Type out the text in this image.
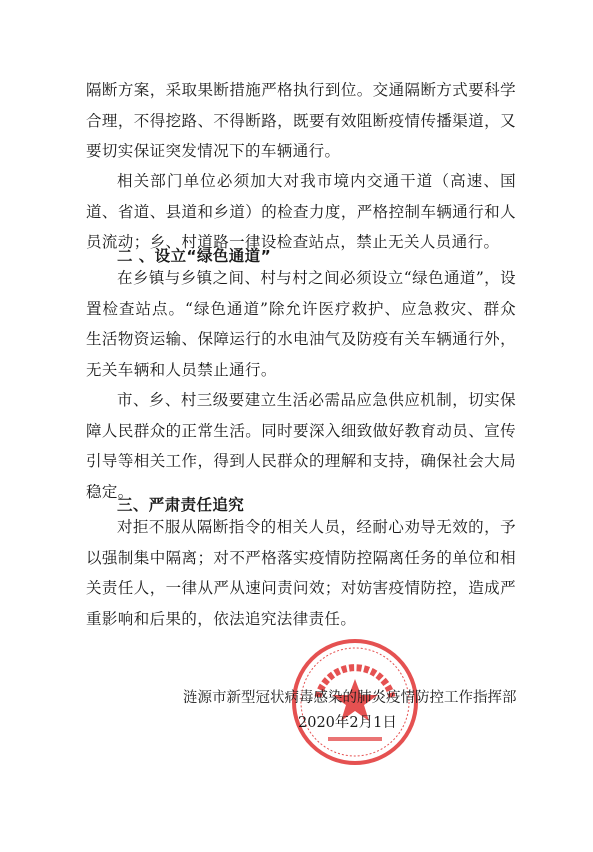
隔断方案，采取果断措施严格执行到位。交通隔断方式要科学合理，不得挖路、不得断路，既要有效阻断疫情传播渠道，又要切实保证突发情况下的车辆通行。

相关部门单位必须加大对我市境内交通干道（高速、国道、省道、县道和乡道）的检查力度，严格控制车辆通行和人员流动；乡、村道路一律设检查站点，禁止无关人员通行。

二 、设立“绿色通道”

在乡镇与乡镇之间、村与村之间必须设立“绿色通道”，设置检查站点。“绿色通道”除允许医疗救护、应急救灾、群众生活物资运输、保障运行的水电油气及防疫有关车辆通行外，无关车辆和人员禁止通行。

市、乡、村三级要建立生活必需品应急供应机制，切实保障人民群众的正常生活。同时要深入细致做好教育动员、宣传引导等相关工作，得到人民群众的理解和支持，确保社会大局稳定。

三、严肃责任追究

对拒不服从隔断指令的相关人员，经耐心劝导无效的，予以强制集中隔离；对不严格落实疫情防控隔离任务的单位和相关责任人，一律从严从速问责问效；对妨害疫情防控，造成严重影响和后果的，依法追究法律责任。

涟源市新型冠状病毒感染的肺炎疫情防控工作指挥部
2020年2月1日
